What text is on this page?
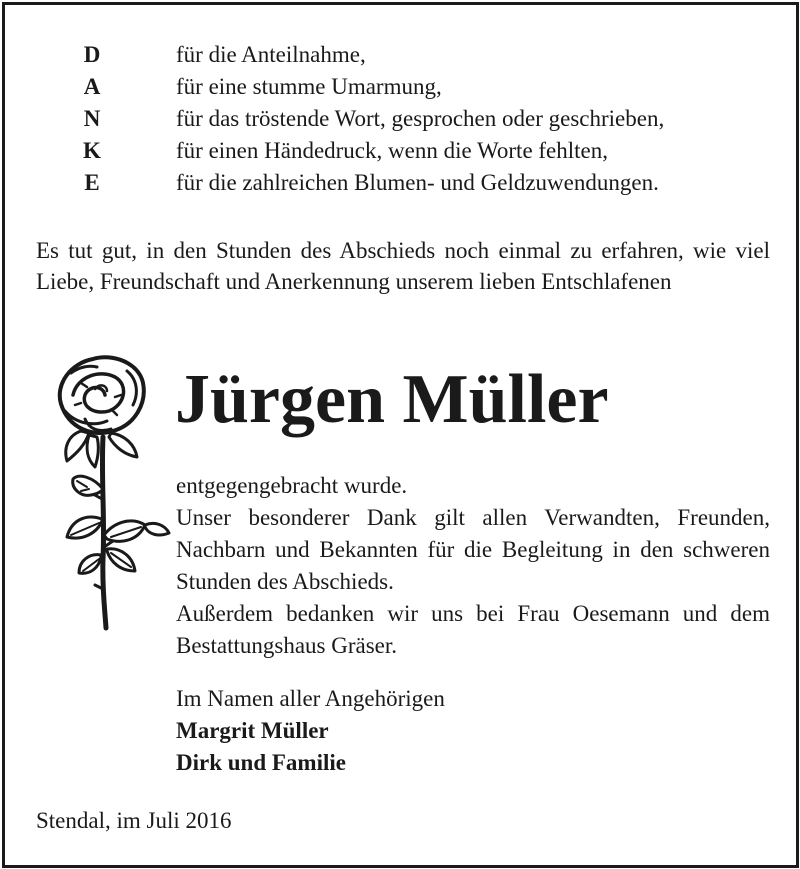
D	für die Anteilnahme,
A	für eine stumme Umarmung,
N	für das tröstende Wort, gesprochen oder geschrieben,
K	für einen Händedruck, wenn die Worte fehlten,
E	für die zahlreichen Blumen- und Geldzuwendungen.
Es tut gut, in den Stunden des Abschieds noch einmal zu erfahren, wie viel Liebe, Freundschaft und Anerkennung unserem lieben Entschlafenen
Jürgen Müller

entgegengebracht wurde.

Unser besonderer Dank gilt allen Verwandten, Freunden, Nachbarn und Bekannten für die Begleitung in den schweren Stunden des Abschieds.

Außerdem bedanken wir uns bei Frau Oesemann und dem Bestattungshaus Gräser.

Im Namen aller Angehörigen
Margrit Müller
Dirk und Familie
Stendal, im Juli 2016
